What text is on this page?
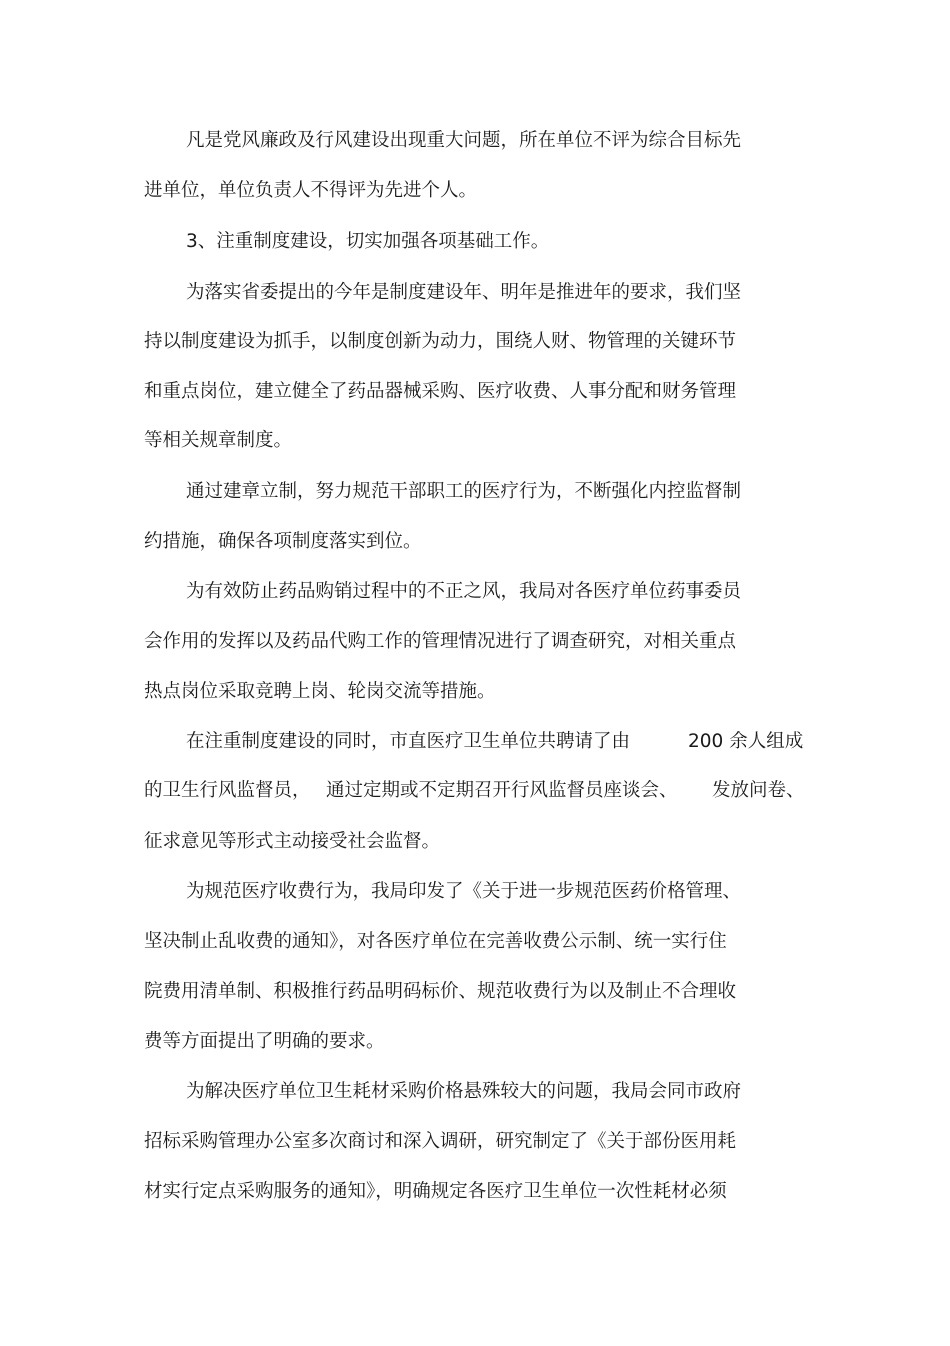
凡是党风廉政及行风建设出现重大问题，所在单位不评为综合目标先
进单位，单位负责人不得评为先进个人。
3、注重制度建设，切实加强各项基础工作。
为落实省委提出的今年是制度建设年、明年是推进年的要求，我们坚
持以制度建设为抓手，以制度创新为动力，围绕人财、物管理的关键环节
和重点岗位，建立健全了药品器械采购、医疗收费、人事分配和财务管理
等相关规章制度。
通过建章立制，努力规范干部职工的医疗行为，不断强化内控监督制
约措施，确保各项制度落实到位。
为有效防止药品购销过程中的不正之风，我局对各医疗单位药事委员
会作用的发挥以及药品代购工作的管理情况进行了调查研究，对相关重点
热点岗位采取竞聘上岗、轮岗交流等措施。
在注重制度建设的同时，市直医疗卫生单位共聘请了由	200 余人组成
的卫生行风监督员， 通过定期或不定期召开行风监督员座谈会、 发放问卷、
征求意见等形式主动接受社会监督。
为规范医疗收费行为，我局印发了《关于进一步规范医药价格管理、
坚决制止乱收费的通知》，对各医疗单位在完善收费公示制、统一实行住
院费用清单制、积极推行药品明码标价、规范收费行为以及制止不合理收
费等方面提出了明确的要求。
为解决医疗单位卫生耗材采购价格悬殊较大的问题，我局会同市政府
招标采购管理办公室多次商讨和深入调研，研究制定了《关于部份医用耗
材实行定点采购服务的通知》，明确规定各医疗卫生单位一次性耗材必须
